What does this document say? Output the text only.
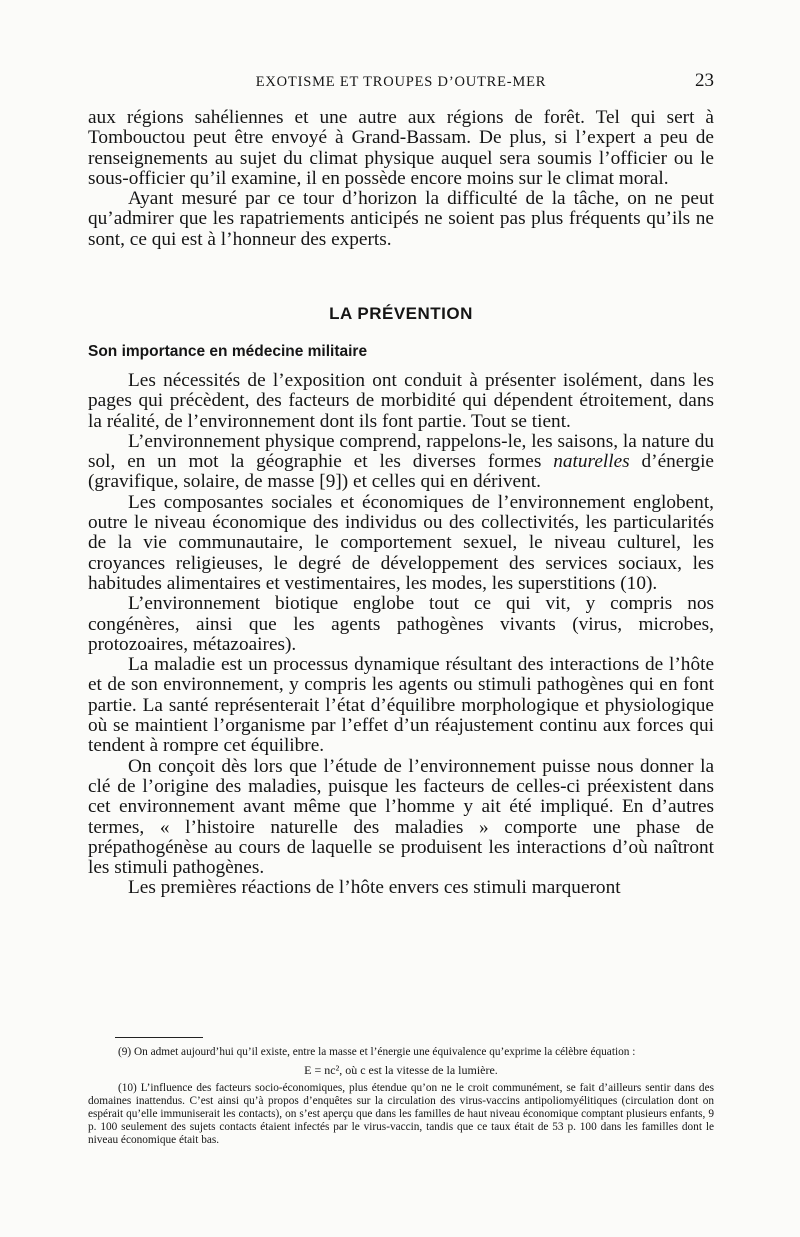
EXOTISME ET TROUPES D’OUTRE-MER	23

aux régions sahéliennes et une autre aux régions de forêt. Tel qui sert à Tombouctou peut être envoyé à Grand-Bassam. De plus, si l’expert a peu de renseignements au sujet du climat physique auquel sera soumis l’officier ou le sous-officier qu’il examine, il en possède encore moins sur le climat moral.

Ayant mesuré par ce tour d’horizon la difficulté de la tâche, on ne peut qu’admirer que les rapatriements anticipés ne soient pas plus fréquents qu’ils ne sont, ce qui est à l’honneur des experts.

LA PRÉVENTION
Son importance en médecine militaire

Les nécessités de l’exposition ont conduit à présenter isolément, dans les pages qui précèdent, des facteurs de morbidité qui dépendent étroitement, dans la réalité, de l’environnement dont ils font partie. Tout se tient.

L’environnement physique comprend, rappelons-le, les saisons, la nature du sol, en un mot la géographie et les diverses formes naturelles d’énergie (gravifique, solaire, de masse [9]) et celles qui en dérivent.

Les composantes sociales et économiques de l’environnement englobent, outre le niveau économique des individus ou des collectivités, les particularités de la vie communautaire, le comportement sexuel, le niveau culturel, les croyances religieuses, le degré de développement des services sociaux, les habitudes alimentaires et vestimentaires, les modes, les superstitions (10).

L’environnement biotique englobe tout ce qui vit, y compris nos congénères, ainsi que les agents pathogènes vivants (virus, microbes, protozoaires, métazoaires).

La maladie est un processus dynamique résultant des interactions de l’hôte et de son environnement, y compris les agents ou stimuli pathogènes qui en font partie. La santé représenterait l’état d’équilibre morphologique et physiologique où se maintient l’organisme par l’effet d’un réajustement continu aux forces qui tendent à rompre cet équilibre.

On conçoit dès lors que l’étude de l’environnement puisse nous donner la clé de l’origine des maladies, puisque les facteurs de celles-ci préexistent dans cet environnement avant même que l’homme y ait été impliqué. En d’autres termes, « l’histoire naturelle des maladies » comporte une phase de prépathogénèse au cours de laquelle se produisent les interactions d’où naîtront les stimuli pathogènes.

Les premières réactions de l’hôte envers ces stimuli marqueront

(9) On admet aujourd’hui qu’il existe, entre la masse et l’énergie une équivalence qu’exprime la célèbre équation :

E = nc², où c est la vitesse de la lumière.

(10) L’influence des facteurs socio-économiques, plus étendue qu’on ne le croit communément, se fait d’ailleurs sentir dans des domaines inattendus. C’est ainsi qu’à propos d’enquêtes sur la circulation des virus-vaccins antipoliomyélitiques (circulation dont on espérait qu’elle immuniserait les contacts), on s’est aperçu que dans les familles de haut niveau économique comptant plusieurs enfants, 9 p. 100 seulement des sujets contacts étaient infectés par le virus-vaccin, tandis que ce taux était de 53 p. 100 dans les familles dont le niveau économique était bas.
